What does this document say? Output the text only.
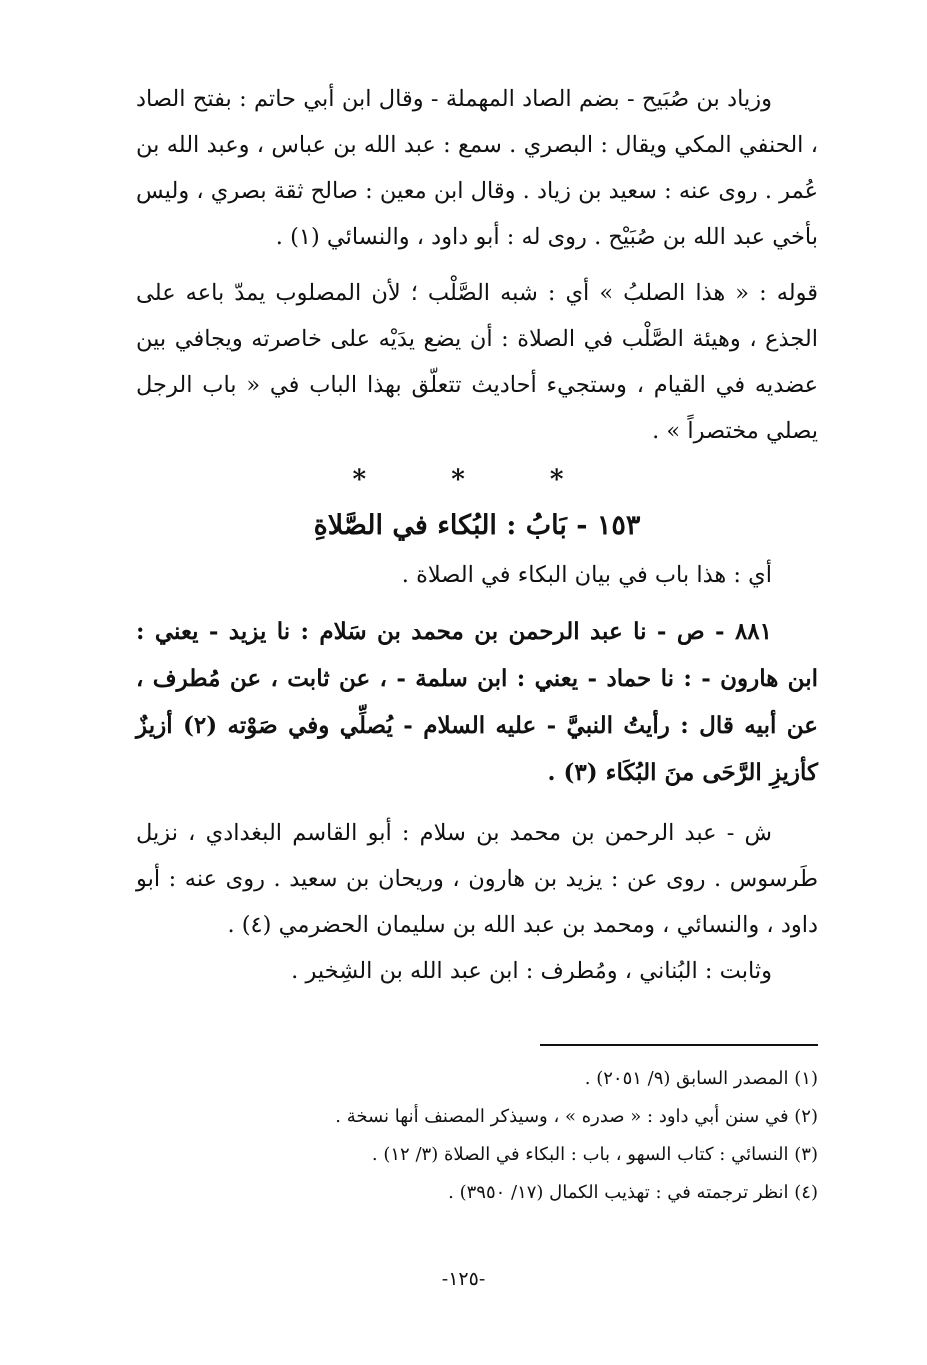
وزياد بن صُبَيح - بضم الصاد المهملة - وقال ابن أبي حاتم : بفتح الصاد ، الحنفي المكي ويقال : البصري . سمع : عبد الله بن عباس ، وعبد الله بن عُمر . روى عنه : سعيد بن زياد . وقال ابن معين : صالح ثقة بصري ، وليس بأخي عبد الله بن صُبَيْح . روى له : أبو داود ، والنسائي (١) .

قوله : « هذا الصلبُ » أي : شبه الصَّلْب ؛ لأن المصلوب يمدّ باعه على الجذع ، وهيئة الصَّلْب في الصلاة : أن يضع يدَيْه على خاصرته ويجافي بين عضديه في القيام ، وستجيء أحاديث تتعلّق بهذا الباب في « باب الرجل يصلي مختصراً » .

* * *
١٥٣ - بَابُ : البُكاء في الصَّلاةِ

أي : هذا باب في بيان البكاء في الصلاة .

٨٨١ - ص - نا عبد الرحمن بن محمد بن سَلام : نا يزيد - يعني : ابن هارون - : نا حماد - يعني : ابن سلمة - ، عن ثابت ، عن مُطرف ، عن أبيه قال : رأيتُ النبيَّ - عليه السلام - يُصلِّي وفي صَوْته (٢) أزيزٌ كأزيزِ الرَّحَى منَ البُكَاء (٣) .

ش - عبد الرحمن بن محمد بن سلام : أبو القاسم البغدادي ، نزيل طَرسوس . روى عن : يزيد بن هارون ، وريحان بن سعيد . روى عنه : أبو داود ، والنسائي ، ومحمد بن عبد الله بن سليمان الحضرمي (٤) .

وثابت : البُناني ، ومُطرف : ابن عبد الله بن الشِخير .

(١) المصدر السابق (٩/ ٢٠٥١) .

(٢) في سنن أبي داود : « صدره » ، وسيذكر المصنف أنها نسخة .

(٣) النسائي : كتاب السهو ، باب : البكاء في الصلاة (٣/ ١٢) .

(٤) انظر ترجمته في : تهذيب الكمال (١٧/ ٣٩٥٠) .

-١٢٥-
